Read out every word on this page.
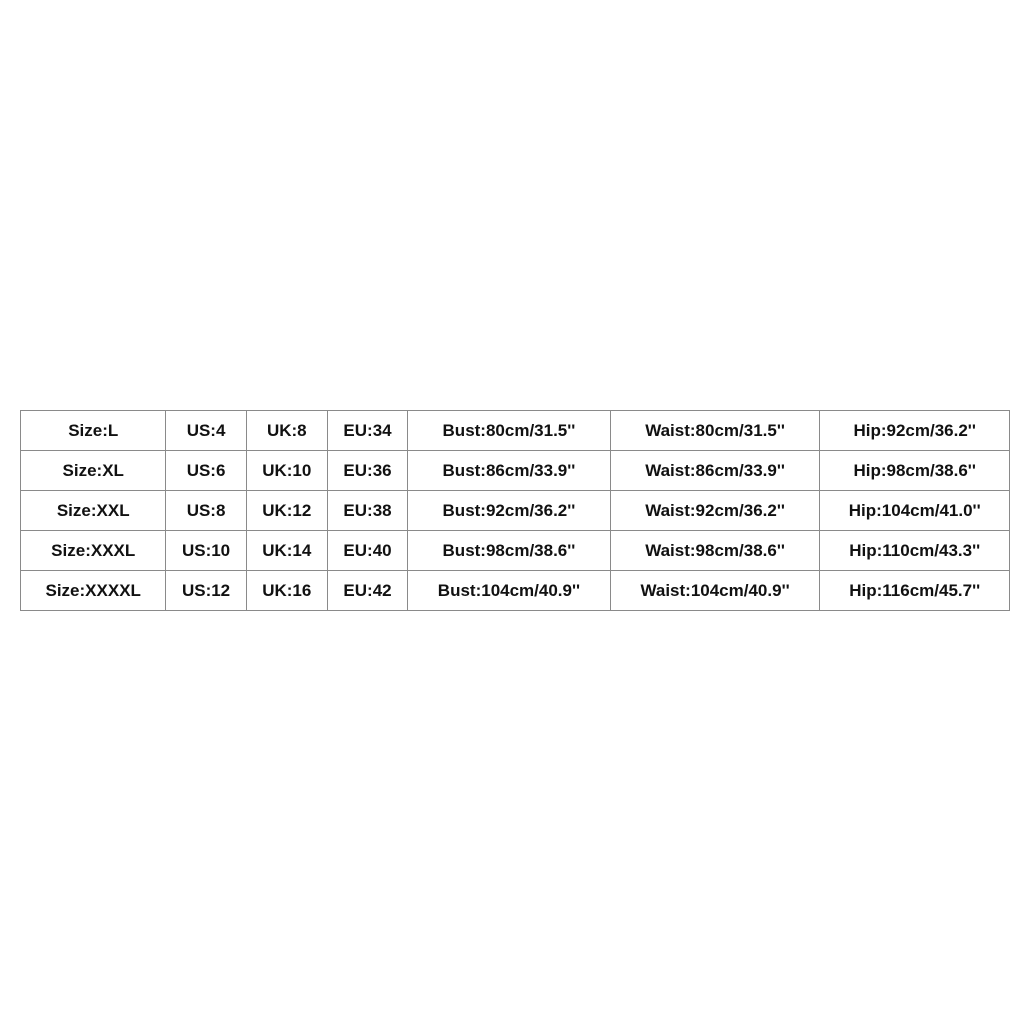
Size:L	US:4	UK:8	EU:34	Bust:80cm/31.5''	Waist:80cm/31.5''	Hip:92cm/36.2''
Size:XL	US:6	UK:10	EU:36	Bust:86cm/33.9''	Waist:86cm/33.9''	Hip:98cm/38.6''
Size:XXL	US:8	UK:12	EU:38	Bust:92cm/36.2''	Waist:92cm/36.2''	Hip:104cm/41.0''
Size:XXXL	US:10	UK:14	EU:40	Bust:98cm/38.6''	Waist:98cm/38.6''	Hip:110cm/43.3''
Size:XXXXL	US:12	UK:16	EU:42	Bust:104cm/40.9''	Waist:104cm/40.9''	Hip:116cm/45.7''
